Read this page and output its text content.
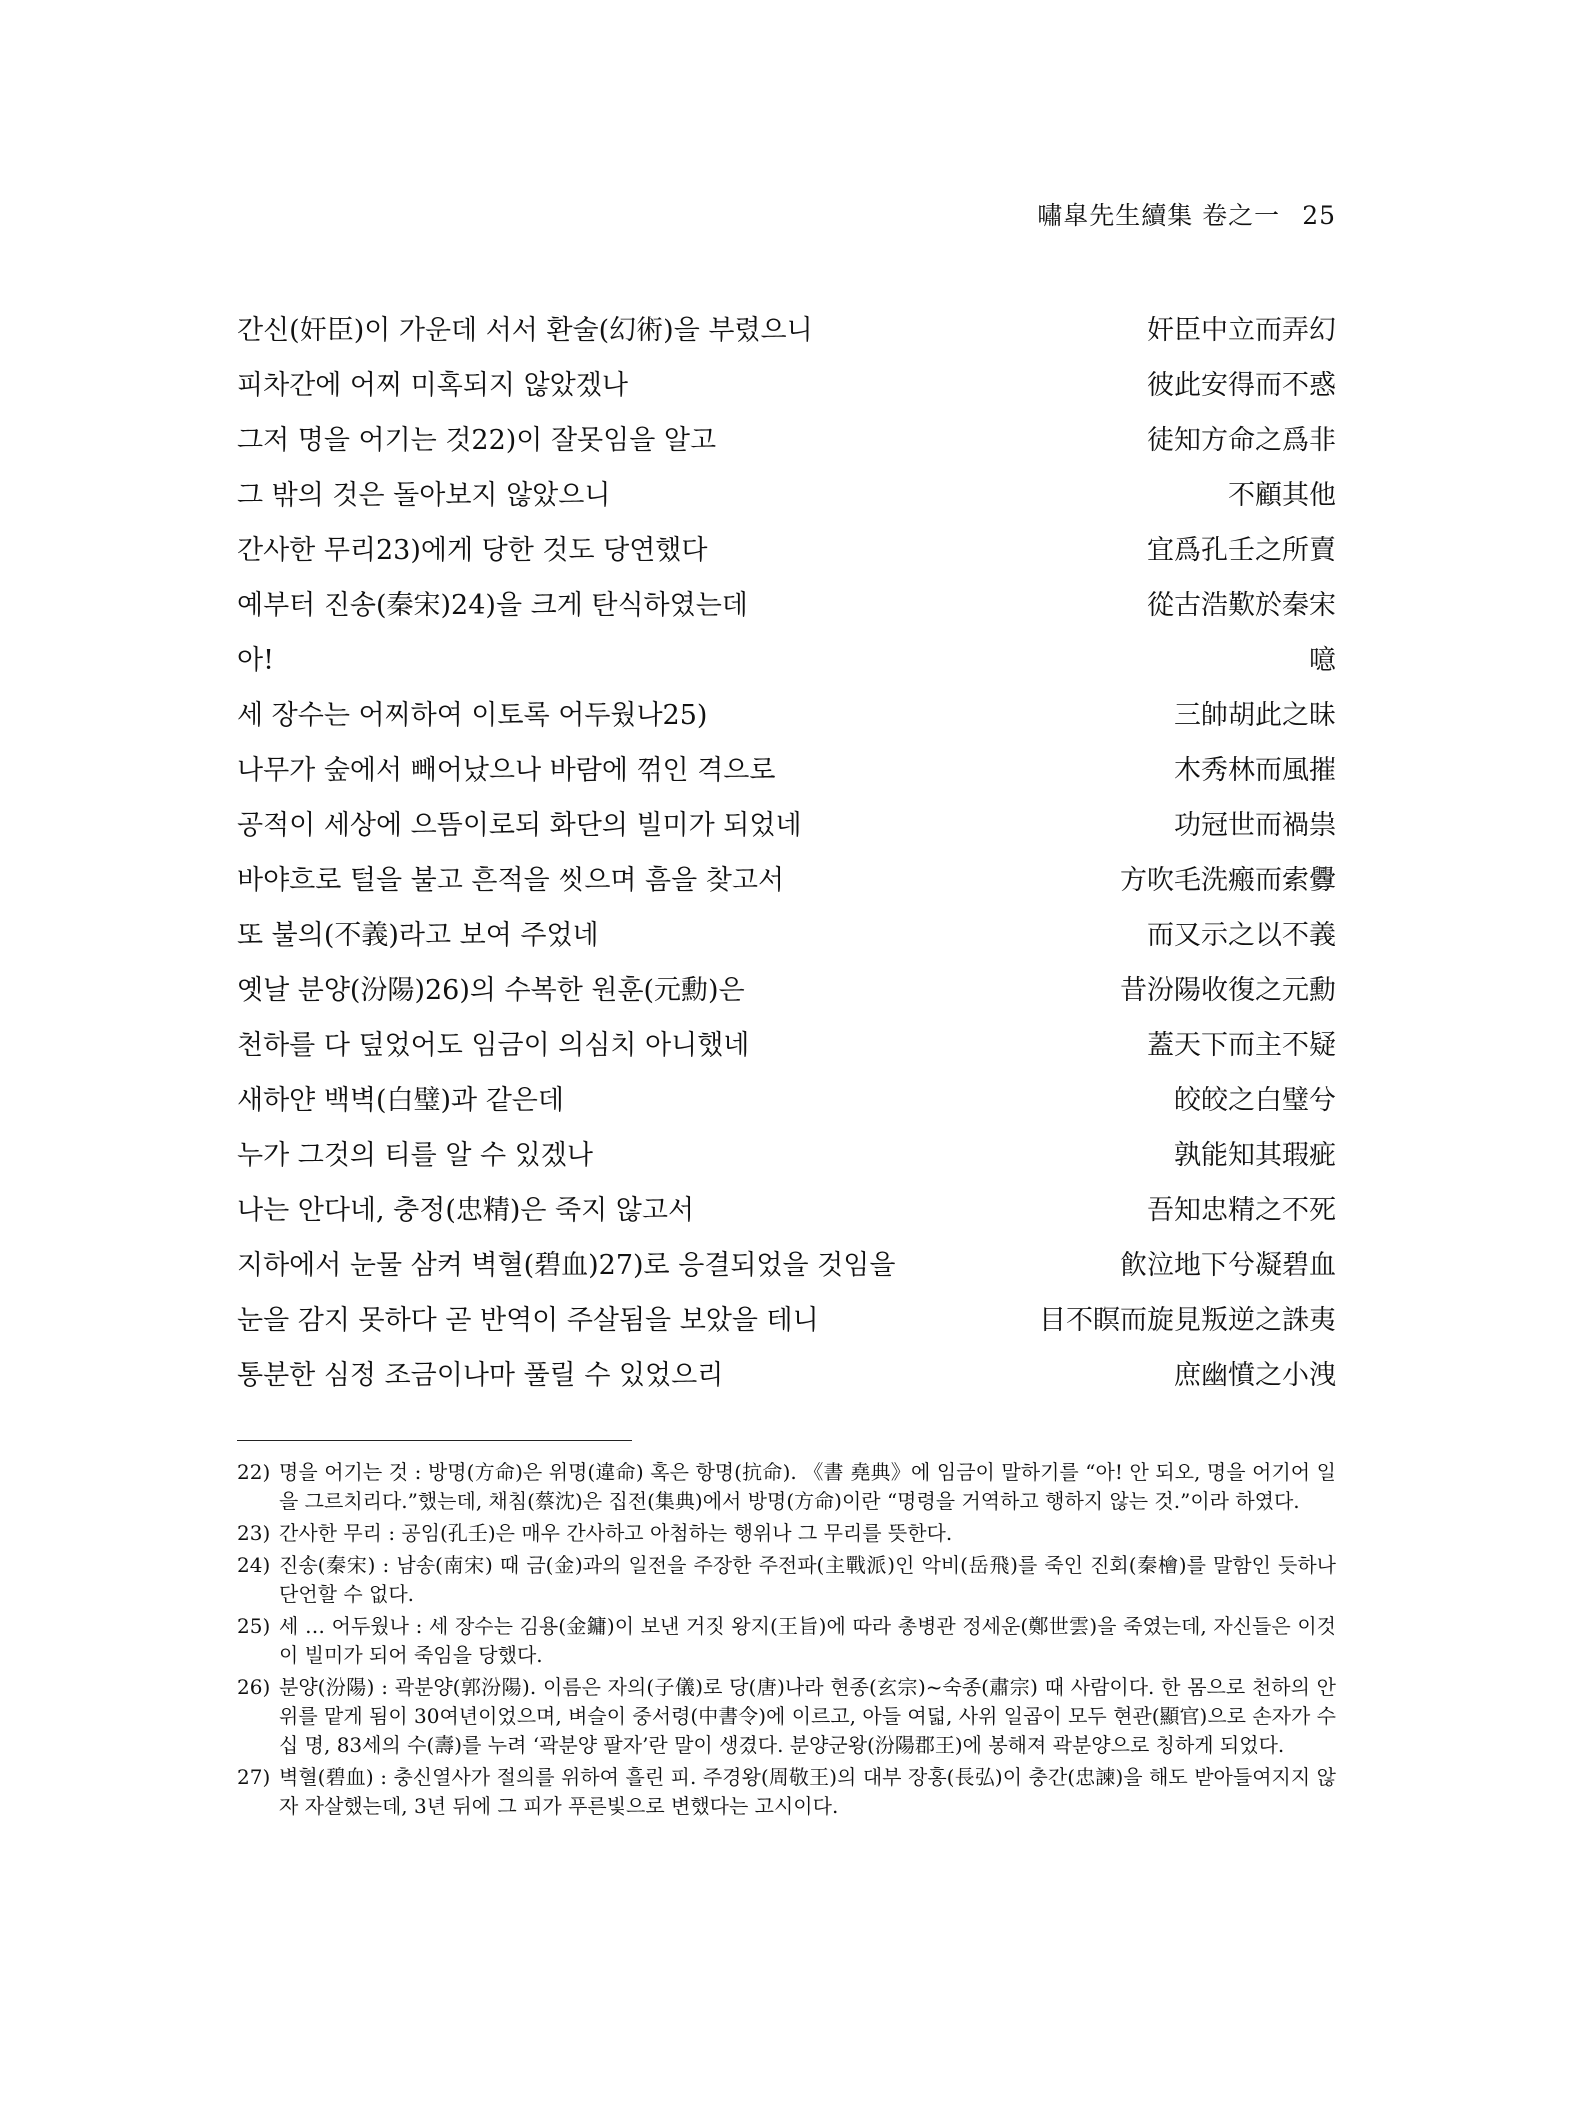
嘯皐先生續集 卷之一 25
간신(奸臣)이 가운데 서서 환술(幻術)을 부렸으니	奸臣中立而弄幻
피차간에 어찌 미혹되지 않았겠나	彼此安得而不惑
그저 명을 어기는 것22)이 잘못임을 알고	徒知方命之爲非
그 밖의 것은 돌아보지 않았으니	不顧其他
간사한 무리23)에게 당한 것도 당연했다	宜爲孔壬之所賣
예부터 진송(秦宋)24)을 크게 탄식하였는데	從古浩歎於秦宋
아!	噫
세 장수는 어찌하여 이토록 어두웠나25)	三帥胡此之昧
나무가 숲에서 빼어났으나 바람에 꺾인 격으로	木秀林而風摧
공적이 세상에 으뜸이로되 화단의 빌미가 되었네	功冠世而禍祟
바야흐로 털을 불고 흔적을 씻으며 흠을 찾고서	方吹毛洗瘢而索釁
또 불의(不義)라고 보여 주었네	而又示之以不義
옛날 분양(汾陽)26)의 수복한 원훈(元勳)은	昔汾陽收復之元勳
천하를 다 덮었어도 임금이 의심치 아니했네	蓋天下而主不疑
새하얀 백벽(白璧)과 같은데	皎皎之白璧兮
누가 그것의 티를 알 수 있겠나	孰能知其瑕疵
나는 안다네, 충정(忠精)은 죽지 않고서	吾知忠精之不死
지하에서 눈물 삼켜 벽혈(碧血)27)로 응결되었을 것임을	飮泣地下兮凝碧血
눈을 감지 못하다 곧 반역이 주살됨을 보았을 테니	目不瞑而旋見叛逆之誅夷
통분한 심정 조금이나마 풀릴 수 있었으리	庶幽憤之小洩
22) 명을 어기는 것 : 방명(方命)은 위명(違命) 혹은 항명(抗命). 《書 堯典》에 임금이 말하기를 “아! 안 되오, 명을 어기어 일을 그르치리다.”했는데, 채침(蔡沈)은 집전(集典)에서 방명(方命)이란 “명령을 거역하고 행하지 않는 것.”이라 하였다.
23) 간사한 무리 : 공임(孔壬)은 매우 간사하고 아첨하는 행위나 그 무리를 뜻한다.
24) 진송(秦宋) : 남송(南宋) 때 금(金)과의 일전을 주장한 주전파(主戰派)인 악비(岳飛)를 죽인 진회(秦檜)를 말함인 듯하나 단언할 수 없다.
25) 세 … 어두웠나 : 세 장수는 김용(金鏞)이 보낸 거짓 왕지(王旨)에 따라 총병관 정세운(鄭世雲)을 죽였는데, 자신들은 이것이 빌미가 되어 죽임을 당했다.
26) 분양(汾陽) : 곽분양(郭汾陽). 이름은 자의(子儀)로 당(唐)나라 현종(玄宗)~숙종(肅宗) 때 사람이다. 한 몸으로 천하의 안위를 맡게 됨이 30여년이었으며, 벼슬이 중서령(中書令)에 이르고, 아들 여덟, 사위 일곱이 모두 현관(顯官)으로 손자가 수십 명, 83세의 수(壽)를 누려 ‘곽분양 팔자’란 말이 생겼다. 분양군왕(汾陽郡王)에 봉해져 곽분양으로 칭하게 되었다.
27) 벽혈(碧血) : 충신열사가 절의를 위하여 흘린 피. 주경왕(周敬王)의 대부 장홍(長弘)이 충간(忠諫)을 해도 받아들여지지 않자 자살했는데, 3년 뒤에 그 피가 푸른빛으로 변했다는 고시이다.
